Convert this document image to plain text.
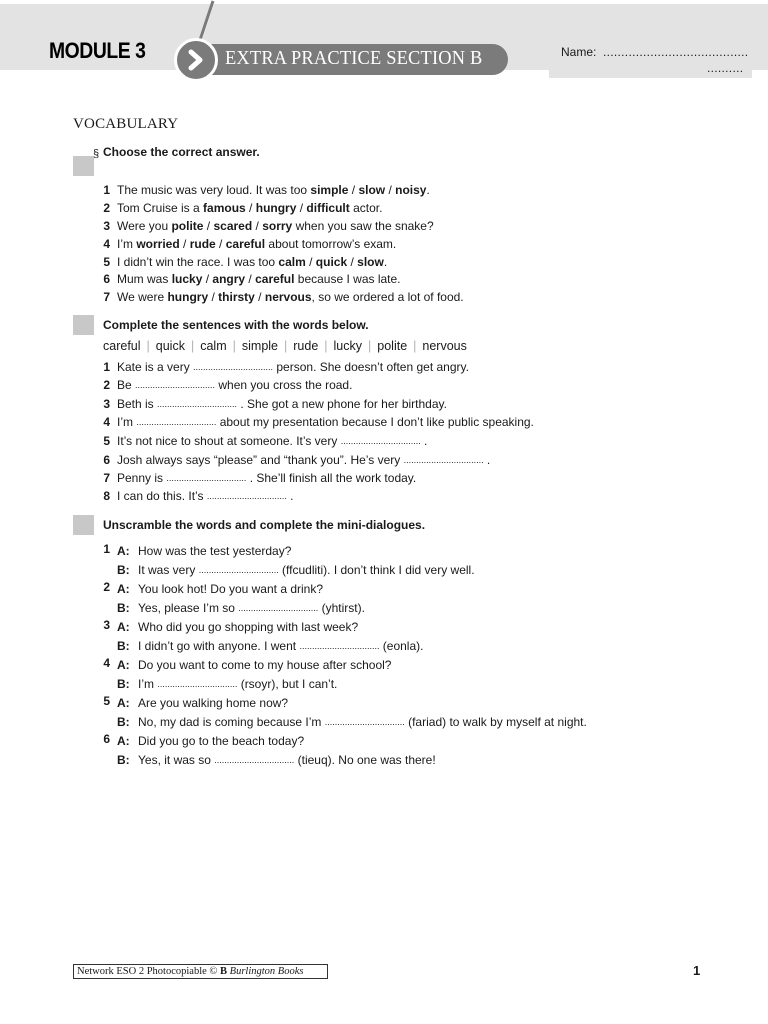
MODULE 3	EXTRA PRACTICE SECTION B	Name: ........................................
..........
VOCABULARY
§ Choose the correct answer.
1 The music was very loud. It was too simple / slow / noisy.
2 Tom Cruise is a famous / hungry / difficult actor.
3 Were you polite / scared / sorry when you saw the snake?
4 I’m worried / rude / careful about tomorrow’s exam.
5 I didn’t win the race. I was too calm / quick / slow.
6 Mum was lucky / angry / careful because I was late.
7 We were hungry / thirsty / nervous, so we ordered a lot of food.
Complete the sentences with the words below.
careful | quick | calm | simple | rude | lucky | polite | nervous
1 Kate is a very ................................ person. She doesn’t often get angry.
2 Be ................................ when you cross the road.
3 Beth is ................................ . She got a new phone for her birthday.
4 I’m ................................ about my presentation because I don’t like public speaking.
5 It’s not nice to shout at someone. It’s very ................................ .
6 Josh always says “please” and “thank you”. He’s very ................................ .
7 Penny is ................................ . She’ll finish all the work today.
8 I can do this. It’s ................................ .
Unscramble the words and complete the mini-dialogues.
1 A: How was the test yesterday?
B: It was very ................................ (ffcudliti). I don’t think I did very well.
2 A: You look hot! Do you want a drink?
B: Yes, please I’m so ................................ (yhtirst).
3 A: Who did you go shopping with last week?
B: I didn’t go with anyone. I went ................................ (eonla).
4 A: Do you want to come to my house after school?
B: I’m ................................ (rsoyr), but I can’t.
5 A: Are you walking home now?
B: No, my dad is coming because I’m ................................ (fariad) to walk by myself at night.
6 A: Did you go to the beach today?
B: Yes, it was so ................................ (tieuq). No one was there!
Network ESO 2 Photocopiable © B Burlington Books	1
